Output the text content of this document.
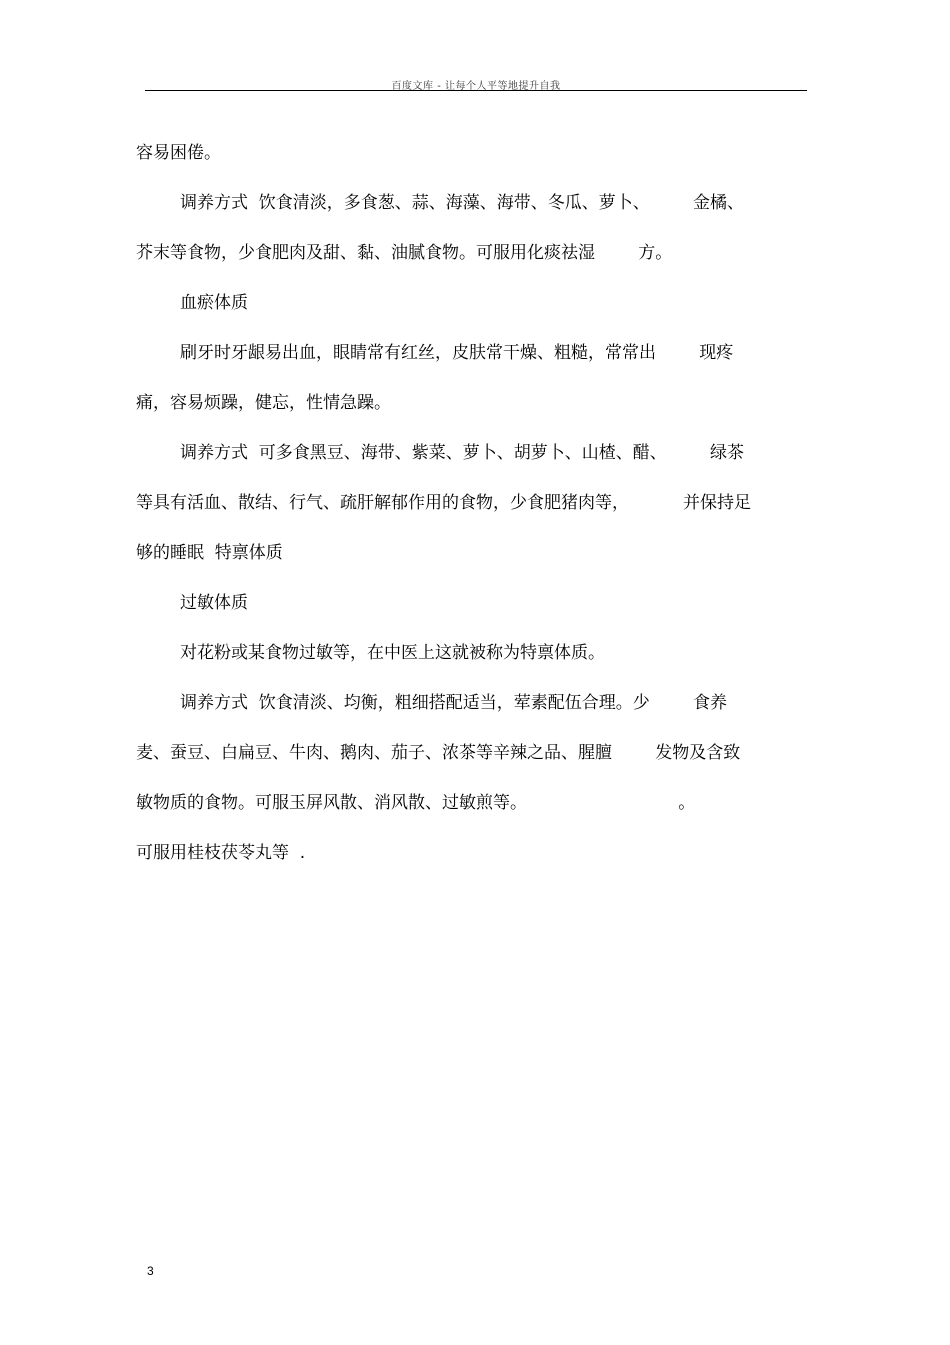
百度文库 - 让每个人平等地提升自我
容易困倦。
调养方式  饮食清淡，多食葱、蒜、海藻、海带、冬瓜、萝卜、        金橘、
芥末等食物，少食肥肉及甜、黏、油腻食物。可服用化痰祛湿        方。
血瘀体质
刷牙时牙龈易出血，眼睛常有红丝，皮肤常干燥、粗糙，常常出        现疼
痛，容易烦躁，健忘，性情急躁。
调养方式  可多食黑豆、海带、紫菜、萝卜、胡萝卜、山楂、醋、        绿茶
等具有活血、散结、行气、疏肝解郁作用的食物，少食肥猪肉等，          并保持足
够的睡眠  特禀体质
过敏体质
对花粉或某食物过敏等，在中医上这就被称为特禀体质。
调养方式  饮食清淡、均衡，粗细搭配适当，荤素配伍合理。少        食养
麦、蚕豆、白扁豆、牛肉、鹅肉、茄子、浓茶等辛辣之品、腥膻        发物及含致
敏物质的食物。可服玉屏风散、消风散、过敏煎等。                            。
可服用桂枝茯苓丸等  .
3
